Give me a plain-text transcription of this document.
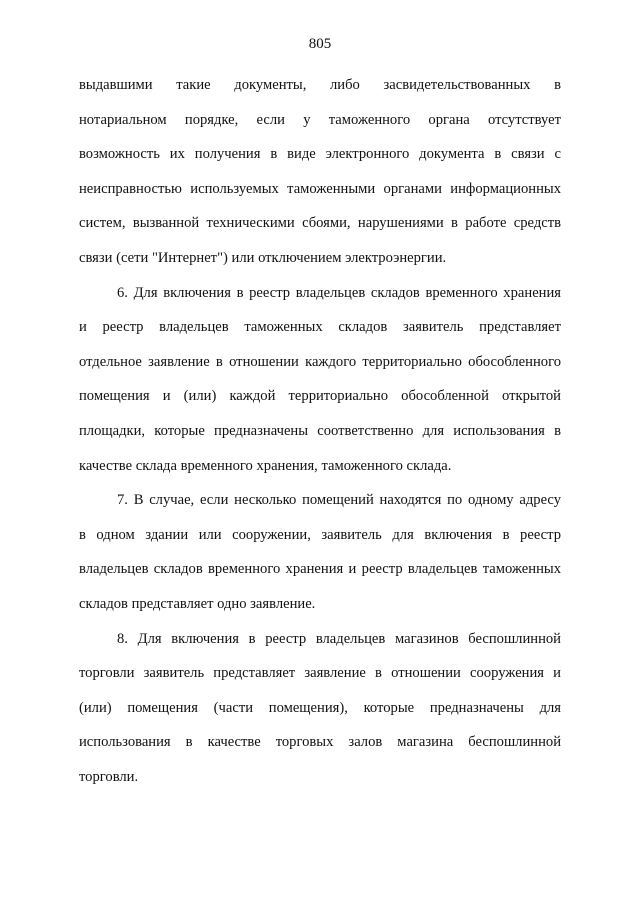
805
выдавшими такие документы, либо засвидетельствованных в
нотариальном порядке, если у таможенного органа отсутствует
возможность их получения в виде электронного документа в связи с
неисправностью используемых таможенными органами информационных
систем, вызванной техническими сбоями, нарушениями в работе средств
связи (сети "Интернет") или отключением электроэнергии.
6. Для включения в реестр владельцев складов временного хранения
и реестр владельцев таможенных складов заявитель представляет
отдельное заявление в отношении каждого территориально обособленного
помещения и (или) каждой территориально обособленной открытой
площадки, которые предназначены соответственно для использования в
качестве склада временного хранения, таможенного склада.
7. В случае, если несколько помещений находятся по одному адресу
в одном здании или сооружении, заявитель для включения в реестр
владельцев складов временного хранения и реестр владельцев таможенных
складов представляет одно заявление.
8. Для включения в реестр владельцев магазинов беспошлинной
торговли заявитель представляет заявление в отношении сооружения и
(или) помещения (части помещения), которые предназначены для
использования в качестве торговых залов магазина беспошлинной
торговли.
